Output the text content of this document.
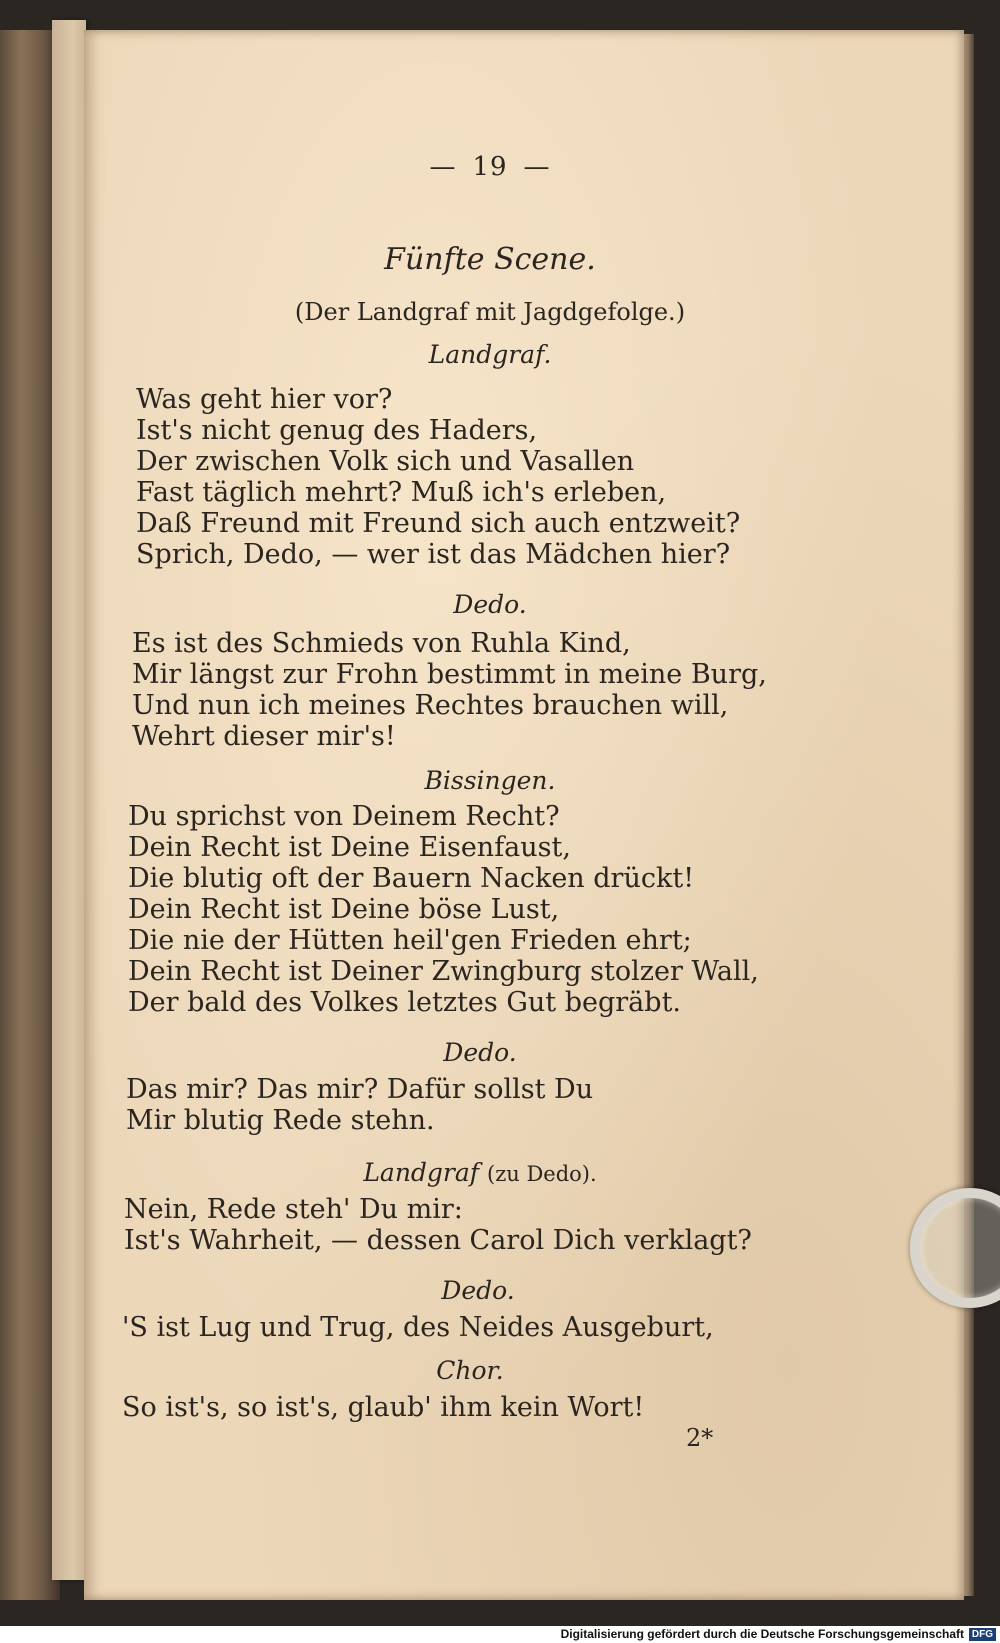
— 19 —
Fünfte Scene.
(Der Landgraf mit Jagdgefolge.)
Landgraf.
Was geht hier vor?
Ist's nicht genug des Haders,
Der zwischen Volk sich und Vasallen
Fast täglich mehrt? Muß ich's erleben,
Daß Freund mit Freund sich auch entzweit?
Sprich, Dedo, — wer ist das Mädchen hier?
Dedo.
Es ist des Schmieds von Ruhla Kind,
Mir längst zur Frohn bestimmt in meine Burg,
Und nun ich meines Rechtes brauchen will,
Wehrt dieser mir's!
Bissingen.
Du sprichst von Deinem Recht?
Dein Recht ist Deine Eisenfaust,
Die blutig oft der Bauern Nacken drückt!
Dein Recht ist Deine böse Lust,
Die nie der Hütten heil'gen Frieden ehrt;
Dein Recht ist Deiner Zwingburg stolzer Wall,
Der bald des Volkes letztes Gut begräbt.
Dedo.
Das mir? Das mir? Dafür sollst Du
Mir blutig Rede stehn.
Landgraf (zu Dedo).
Nein, Rede steh' Du mir:
Ist's Wahrheit, — dessen Carol Dich verklagt?
Dedo.
'S ist Lug und Trug, des Neides Ausgeburt,
Chor.
So ist's, so ist's, glaub' ihm kein Wort!
2*
Digitalisierung gefördert durch die Deutsche Forschungsgemeinschaft DFG
